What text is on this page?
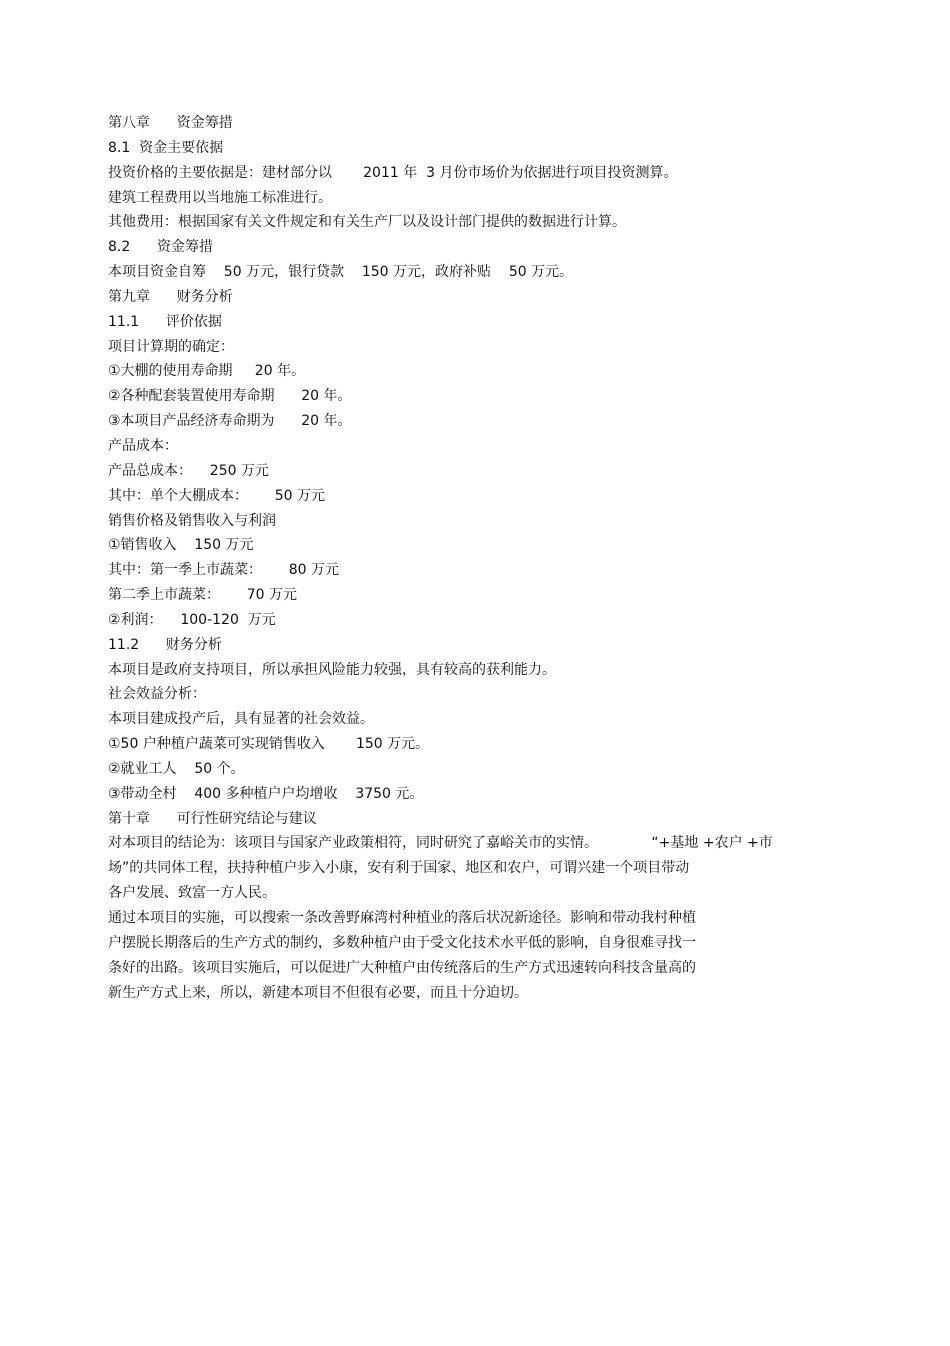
第八章      资金筹措
8.1  资金主要依据
投资价格的主要依据是：建材部分以       2011 年  3 月份市场价为依据进行项目投资测算。
建筑工程费用以当地施工标准进行。
其他费用：根据国家有关文件规定和有关生产厂以及设计部门提供的数据进行计算。
8.2      资金筹措
本项目资金自筹    50 万元，银行贷款    150 万元，政府补贴    50 万元。
第九章      财务分析
11.1      评价依据
项目计算期的确定：
①大棚的使用寿命期     20 年。
②各种配套装置使用寿命期      20 年。
③本项目产品经济寿命期为      20 年。
产品成本：
产品总成本：    250 万元
其中：单个大棚成本：      50 万元
销售价格及销售收入与利润
①销售收入    150 万元
其中：第一季上市蔬菜：      80 万元
第二季上市蔬菜：      70 万元
②利润：    100-120  万元
11.2      财务分析
本项目是政府支持项目，所以承担风险能力较强，具有较高的获利能力。
社会效益分析：
本项目建成投产后，具有显著的社会效益。
①50 户种植户蔬菜可实现销售收入       150 万元。
②就业工人    50 个。
③带动全村    400 多种植户户均增收    3750 元。
第十章      可行性研究结论与建议
对本项目的结论为：该项目与国家产业政策相符，同时研究了嘉峪关市的实情。            “+基地 +农户 +市
场”的共同体工程，扶持种植户步入小康，安有利于国家、地区和农户，可谓兴建一个项目带动
各户发展、致富一方人民。
通过本项目的实施，可以搜索一条改善野麻湾村种植业的落后状况新途径。影响和带动我村种植
户摆脱长期落后的生产方式的制约，多数种植户由于受文化技术水平低的影响，自身很难寻找一
条好的出路。该项目实施后，可以促进广大种植户由传统落后的生产方式迅速转向科技含量高的
新生产方式上来，所以，新建本项目不但很有必要，而且十分迫切。
